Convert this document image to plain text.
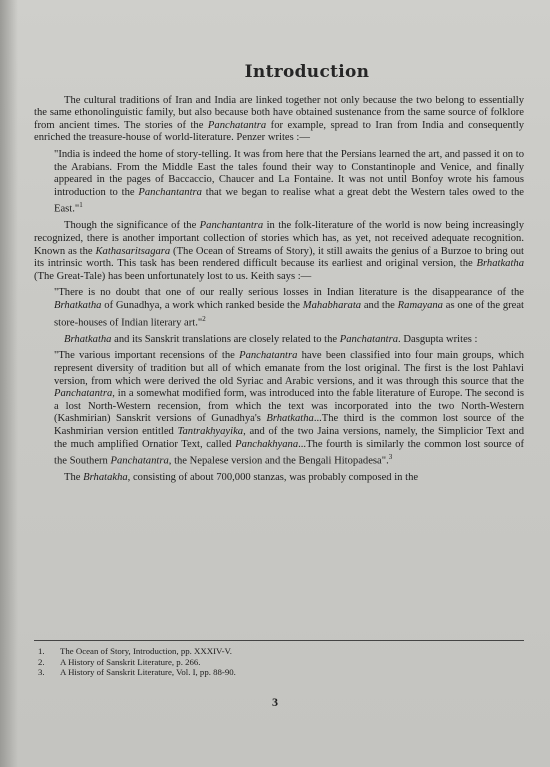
Introduction

The cultural traditions of Iran and India are linked together not only because the two belong to essentially the same ethonolinguistic family, but also because both have obtained sustenance from the same source of folklore from ancient times. The stories of the Panchatantra for example, spread to Iran from India and consequently enriched the treasure-house of world-literature. Penzer writes :—

"India is indeed the home of story-telling. It was from here that the Persians learned the art, and passed it on to the Arabians. From the Middle East the tales found their way to Constantinople and Venice, and finally appeared in the pages of Baccaccio, Chaucer and La Fontaine. It was not until Bonfoy wrote his famous introduction to the Panchantantra that we began to realise what a great debt the Western tales owed to the East."$^1$

Though the significance of the Panchantantra in the folk-literature of the world is now being increasingly recognized, there is another important collection of stories which has, as yet, not received adequate recognition. Known as the Kathasaritsagara (The Ocean of Streams of Story), it still awaits the genius of a Burzoe to bring out its intrinsic worth. This task has been rendered difficult because its earliest and original version, the Brhatkatha (The Great-Tale) has been unfortunately lost to us. Keith says :—

"There is no doubt that one of our really serious losses in Indian literature is the disappearance of the Brhatkatha of Gunadhya, a work which ranked beside the Mahabharata and the Ramayana as one of the great store-houses of Indian literary art."$^2$

Brhatkatha and its Sanskrit translations are closely related to the Panchatantra. Dasgupta writes :

"The various important recensions of the Panchatantra have been classified into four main groups, which represent diversity of tradition but all of which emanate from the lost original. The first is the lost Pahlavi version, from which were derived the old Syriac and Arabic versions, and it was through this source that the Panchatantra, in a somewhat modified form, was introduced into the fable literature of Europe. The second is a lost North-Western recension, from which the text was incorporated into the two North-Western (Kashmirian) Sanskrit versions of Gunadhya's Brhatkatha...The third is the common lost source of the Kashmirian version entitled Tantrakhyayika, and of the two Jaina versions, namely, the Simplicior Text and the much amplified Ornatior Text, called Panchakhyana...The fourth is similarly the common lost source of the Southern Panchatantra, the Nepalese version and the Bengali Hitopadesa".$^3$

The Brhatakha, consisting of about 700,000 stanzas, was probably composed in the

1. The Ocean of Story, Introduction, pp. XXXIV-V.
2. A History of Sanskrit Literature, p. 266.
3. A History of Sanskrit Literature, Vol. I, pp. 88-90.
3
